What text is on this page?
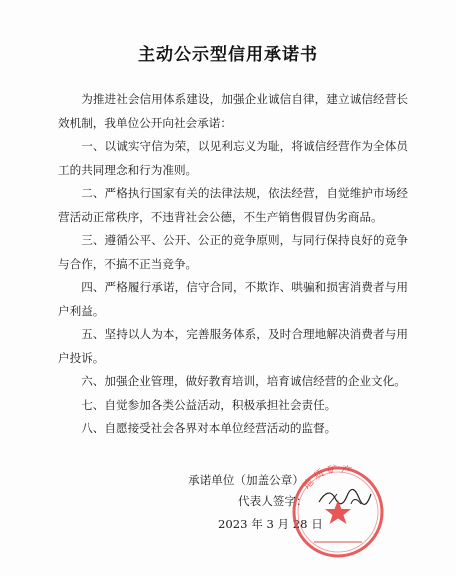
主动公示型信用承诺书

为推进社会信用体系建设，加强企业诚信自律，建立诚信经营长效机制，我单位公开向社会承诺：

一、以诚实守信为荣，以见利忘义为耻，将诚信经营作为全体员工的共同理念和行为准则。

二、严格执行国家有关的法律法规，依法经营，自觉维护市场经营活动正常秩序，不违背社会公德，不生产销售假冒伪劣商品。

三、遵循公平、公开、公正的竞争原则，与同行保持良好的竞争与合作，不搞不正当竞争。

四、严格履行承诺，信守合同，不欺诈、哄骗和损害消费者与用户利益。

五、坚持以人为本，完善服务体系，及时合理地解决消费者与用户投诉。

六、加强企业管理，做好教育培训，培育诚信经营的企业文化。

七、自觉参加各类公益活动，积极承担社会责任。

八、自愿接受社会各界对本单位经营活动的监督。

承诺单位（加盖公章）
代表人签字：
2023 年 3 月 28 日
地质矿产
